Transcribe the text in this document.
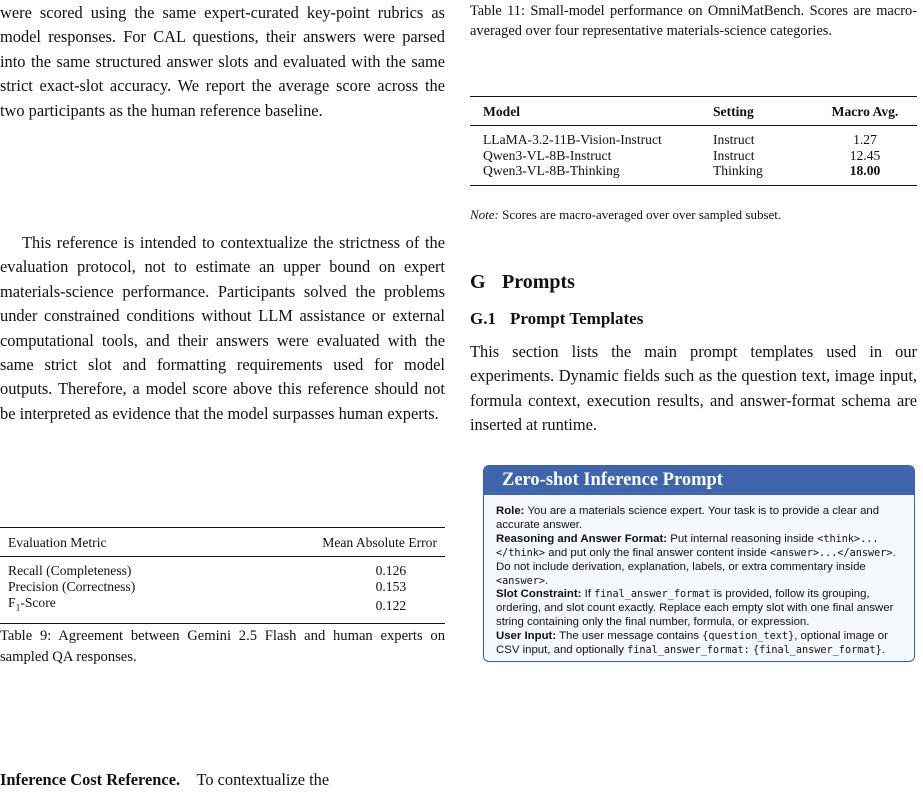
were scored using the same expert-curated key-point rubrics as model responses. For CAL questions, their answers were parsed into the same structured answer slots and evaluated with the same strict exact-slot accuracy. We report the average score across the two participants as the human reference baseline.

This reference is intended to contextualize the strictness of the evaluation protocol, not to estimate an upper bound on expert materials-science performance. Participants solved the problems under constrained conditions without LLM assistance or external computational tools, and their answers were evaluated with the same strict slot and formatting requirements used for model outputs. Therefore, a model score above this reference should not be interpreted as evidence that the model surpasses human experts.

Evaluation Metric	Mean Absolute Error
Recall (Completeness)	0.126
Precision (Correctness)	0.153
$F_1$-Score	0.122

Table 9: Agreement between Gemini 2.5 Flash and human experts on sampled QA responses.

Inference Cost Reference. To contextualize the

Table 11: Small-model performance on OmniMatBench. Scores are macro-averaged over four representative materials-science categories.

Model	Setting	Macro Avg.
LLaMA-3.2-11B-Vision-Instruct	Instruct	1.27
Qwen3-VL-8B-Instruct	Instruct	12.45
Qwen3-VL-8B-Thinking	Thinking	18.00

Note: Scores are macro-averaged over over sampled subset.

G Prompts
G.1 Prompt Templates

This section lists the main prompt templates used in our experiments. Dynamic fields such as the question text, image input, formula context, execution results, and answer-format schema are inserted at runtime.

Zero-shot Inference Prompt

Role: You are a materials science expert. Your task is to provide a clear and accurate answer.

Reasoning and Answer Format: Put internal reasoning inside <think>...</think> and put only the final answer content inside <answer>...</answer>. Do not include derivation, explanation, labels, or extra commentary inside <answer>.

Slot Constraint: If final_answer_format is provided, follow its grouping, ordering, and slot count exactly. Replace each empty slot with one final answer string containing only the final number, formula, or expression.

User Input: The user message contains {question_text}, optional image or CSV input, and optionally final_answer_format: {final_answer_format}.
